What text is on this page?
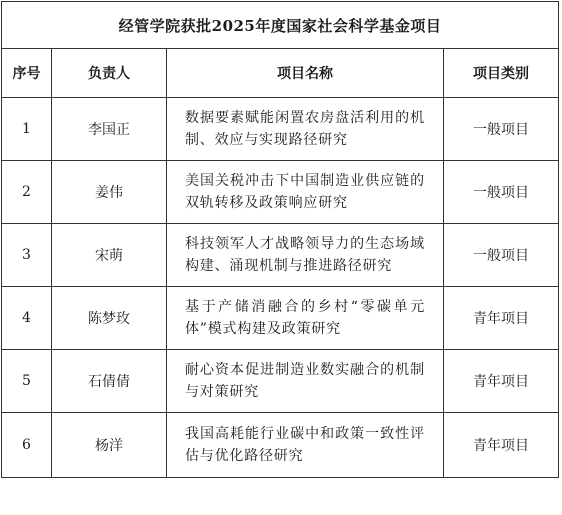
经管学院获批2025年度国家社会科学基金项目			
序号	负责人	项目名称	项目类别
1	李国正	数据要素赋能闲置农房盘活利用的机制、效应与实现路径研究	一般项目
2	姜伟	美国关税冲击下中国制造业供应链的双轨转移及政策响应研究	一般项目
3	宋萌	科技领军人才战略领导力的生态场域构建、涌现机制与推进路径研究	一般项目
4	陈梦玫	基于产储消融合的乡村“零碳单元体”模式构建及政策研究	青年项目
5	石倩倩	耐心资本促进制造业数实融合的机制与对策研究	青年项目
6	杨洋	我国高耗能行业碳中和政策一致性评估与优化路径研究	青年项目
